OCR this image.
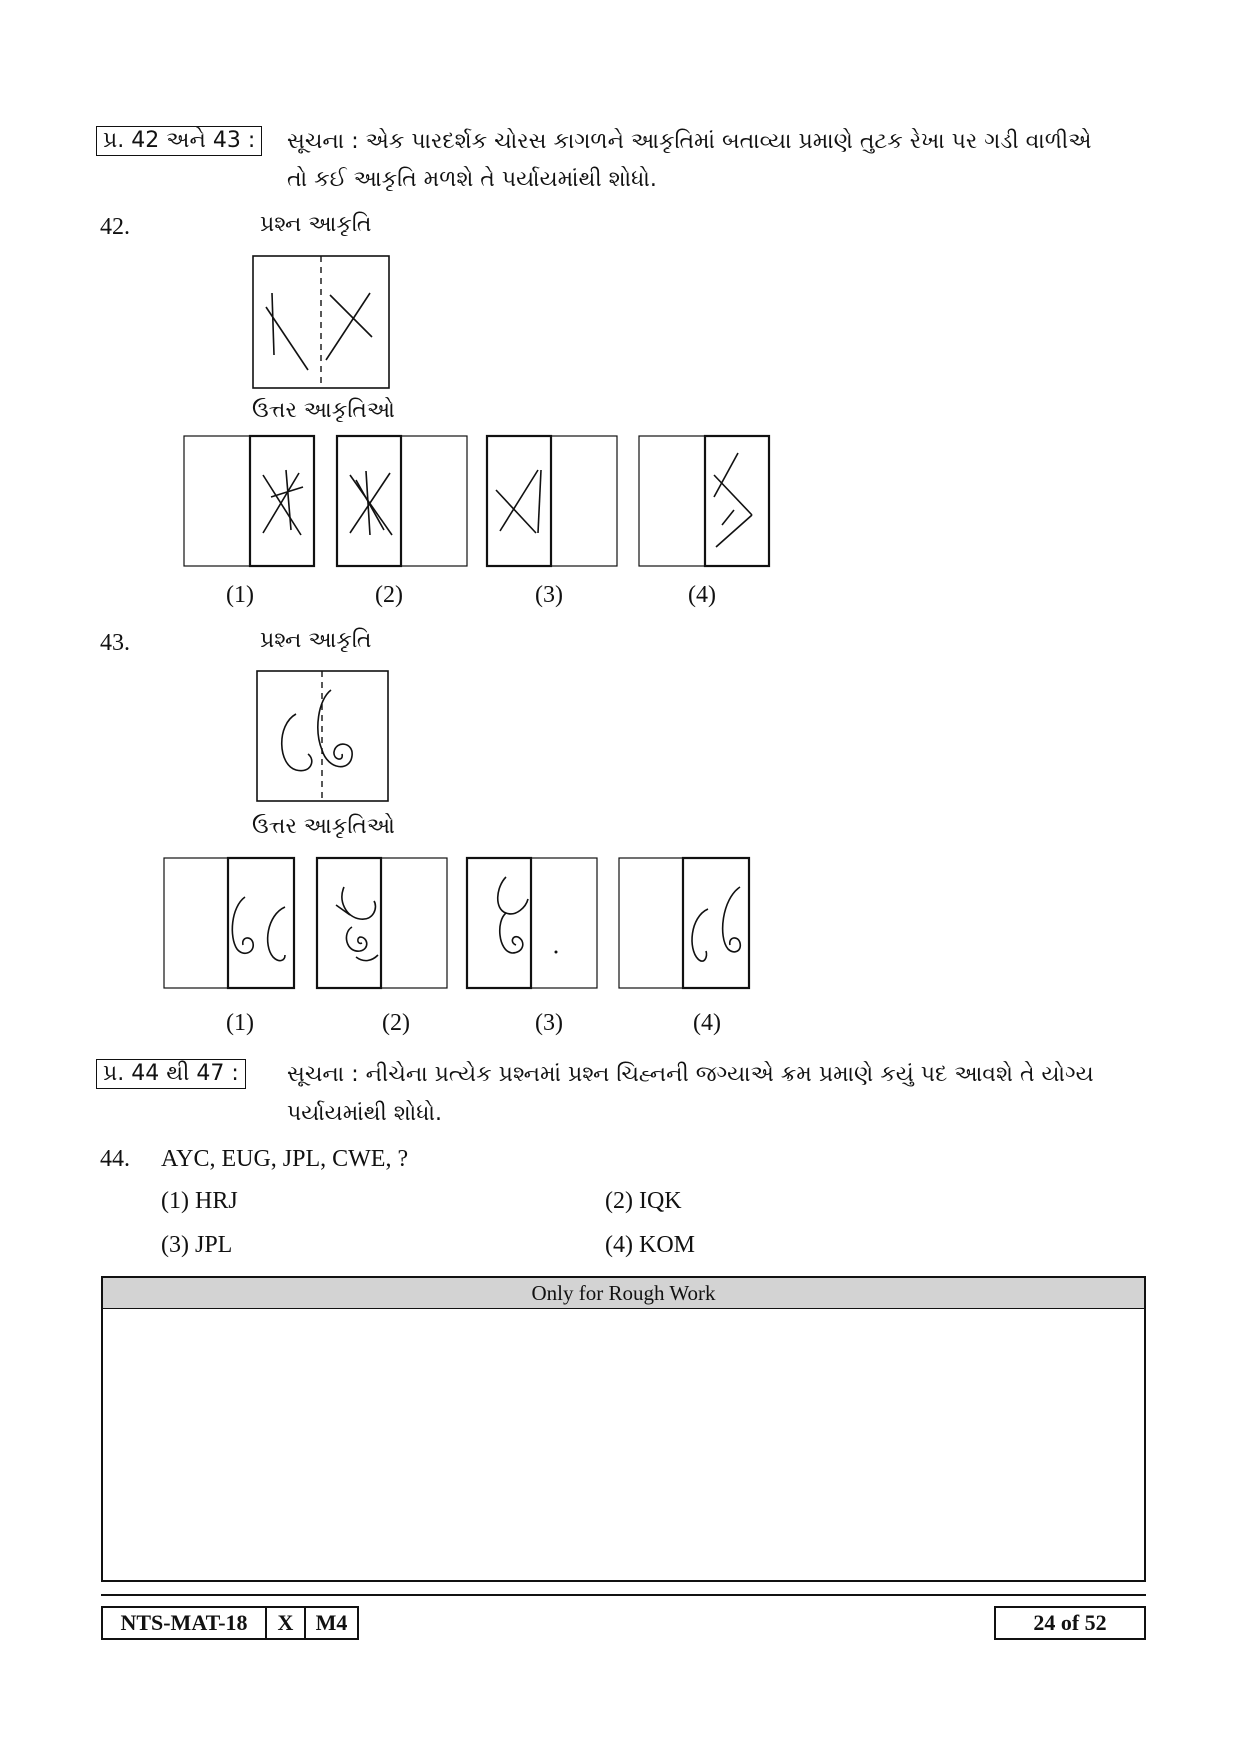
પ્ર. 42 અને 43 :	સૂચના : એક પારદર્શક ચોરસ કાગળને આકૃતિમાં બતાવ્યા પ્રમાણે તુટક રેખા પર ગડી વાળીએ
તો કઈ આકૃતિ મળશે તે પર્યાયમાંથી શોધો.
42.	પ્રશ્ન આકૃતિ
ઉત્તર આકૃતિઓ
(1)	(2)	(3)	(4)
43.	પ્રશ્ન આકૃતિ
ઉત્તર આકૃતિઓ
(1)	(2)	(3)	(4)
પ્ર. 44 થી 47 :	સૂચના : નીચેના પ્રત્યેક પ્રશ્નમાં પ્રશ્ન ચિહ્નની જગ્યાએ ક્રમ પ્રમાણે કયું પદ આવશે તે યોગ્ય
પર્યાયમાંથી શોધો.
44. AYC, EUG, JPL, CWE, ?
(1) HRJ	(2) IQK
(3) JPL	(4) KOM
Only for Rough Work
NTS-MAT-18	X	M4	24 of 52
